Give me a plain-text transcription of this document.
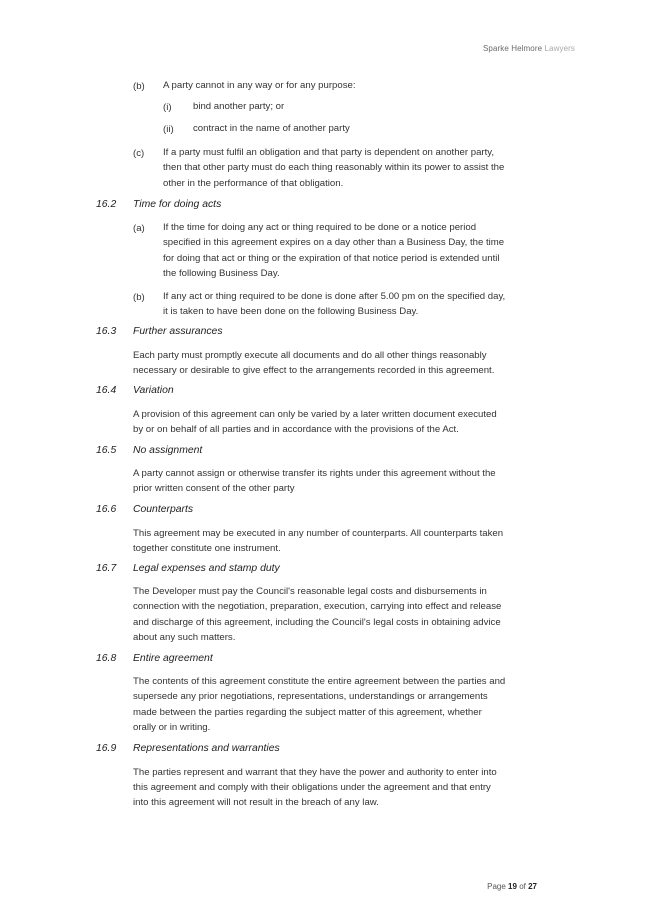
Sparke Helmore Lawyers
(b) A party cannot in any way or for any purpose:

(i) bind another party; or

(ii) contract in the name of another party

(c) If a party must fulfil an obligation and that party is dependent on another party,

then that other party must do each thing reasonably within its power to assist the

other in the performance of that obligation.

16.2 Time for doing acts
(a) If the time for doing any act or thing required to be done or a notice period

specified in this agreement expires on a day other than a Business Day, the time

for doing that act or thing or the expiration of that notice period is extended until

the following Business Day.

(b) If any act or thing required to be done is done after 5.00 pm on the specified day,

it is taken to have been done on the following Business Day.

16.3 Further assurances

Each party must promptly execute all documents and do all other things reasonably

necessary or desirable to give effect to the arrangements recorded in this agreement.

16.4 Variation

A provision of this agreement can only be varied by a later written document executed

by or on behalf of all parties and in accordance with the provisions of the Act.

16.5 No assignment

A party cannot assign or otherwise transfer its rights under this agreement without the

prior written consent of the other party

16.6 Counterparts

This agreement may be executed in any number of counterparts. All counterparts taken

together constitute one instrument.

16.7 Legal expenses and stamp duty

The Developer must pay the Council's reasonable legal costs and disbursements in

connection with the negotiation, preparation, execution, carrying into effect and release

and discharge of this agreement, including the Council's legal costs in obtaining advice

about any such matters.

16.8 Entire agreement

The contents of this agreement constitute the entire agreement between the parties and

supersede any prior negotiations, representations, understandings or arrangements

made between the parties regarding the subject matter of this agreement, whether

orally or in writing.

16.9 Representations and warranties

The parties represent and warrant that they have the power and authority to enter into

this agreement and comply with their obligations under the agreement and that entry

into this agreement will not result in the breach of any law.

Page 19 of 27
